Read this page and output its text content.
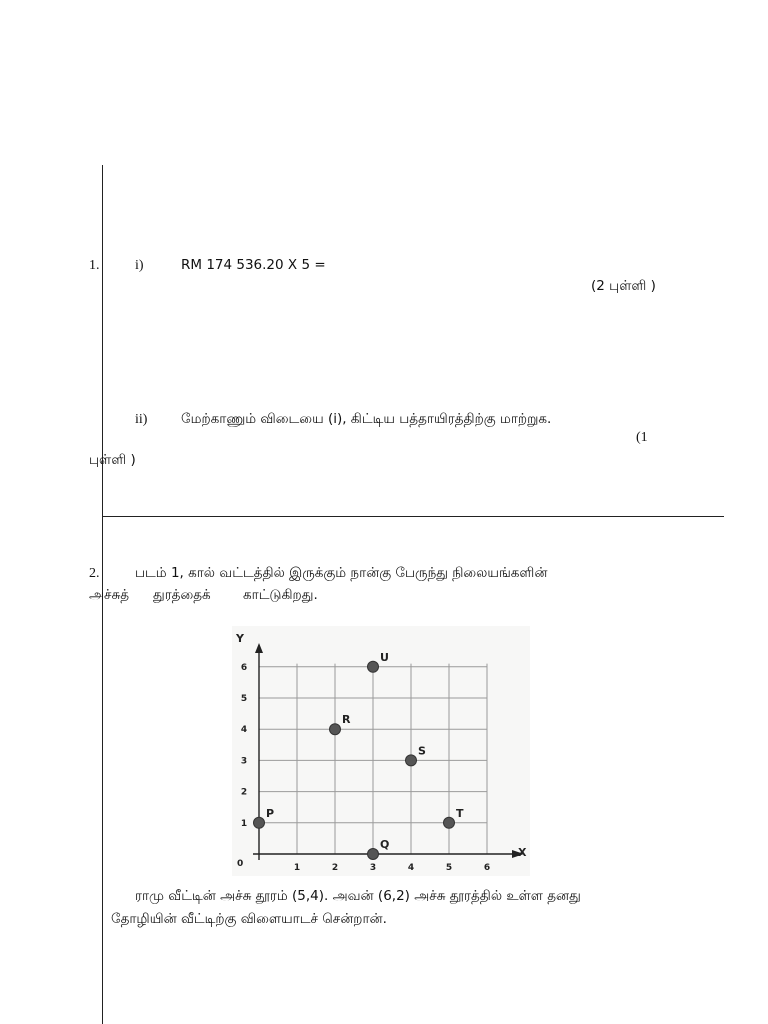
1.	i)	RM 174 536.20 X 5 =
(2 புள்ளி )
ii) மேற்காணும் விடையை (i), கிட்டிய பத்தாயிரத்திற்கு மாற்றுக.
(1
புள்ளி )
2.	படம் 1, கால் வட்டத்தில் இருக்கும் நான்கு பேருந்து நிலையங்களின்
அச்சுத் துரத்தைக் காட்டுகிறது.
Y
X
0	1	2	3	4	5	6
1
2
3
4
5
6
P
Q
R
S
T
U
ராமு வீட்டின் அச்சு தூரம் (5,4). அவன் (6,2) அச்சு தூரத்தில் உள்ள தனது
தோழியின் வீட்டிற்கு விளையாடச் சென்றான்.
